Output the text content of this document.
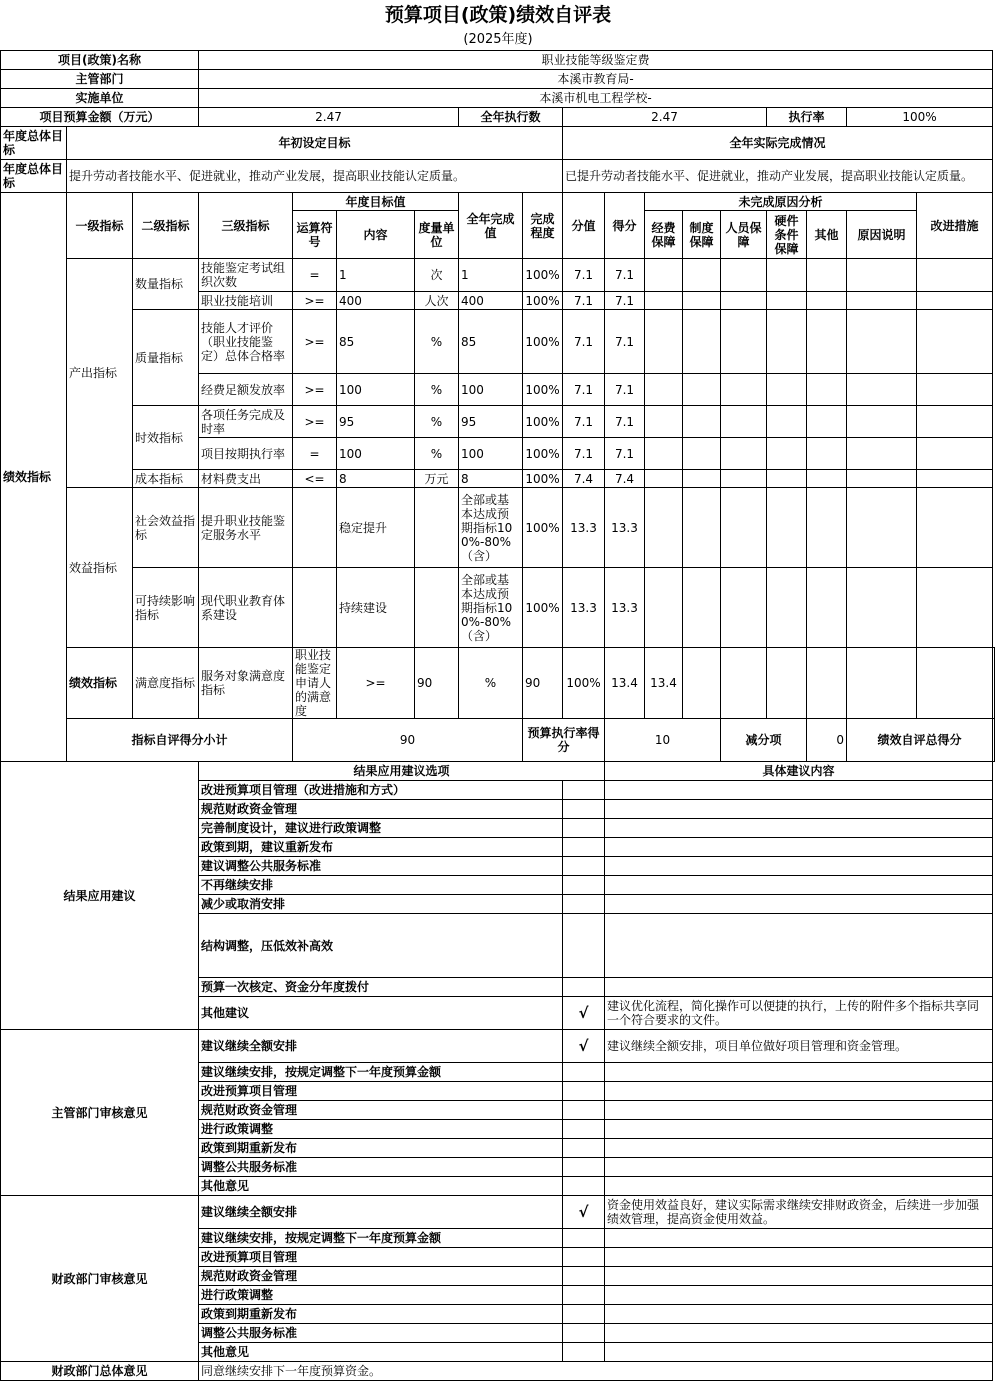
预算项目(政策)绩效自评表
(2025年度)
项目(政策)名称			职业技能等级鉴定费															
主管部门			本溪市教育局-															
实施单位			本溪市机电工程学校-															
项目预算金额（万元）			2.47				全年执行数		2.47					执行率		100%		
年度总体目标	年初设定目标								全年实际完成情况									
年度总体目标	提升劳动者技能水平、促进就业，推动产业发展，提高职业技能认定质量。								已提升劳动者技能水平、促进就业，推动产业发展，提高职业技能认定质量。									
绩效指标	一级指标	二级指标	三级指标	年度目标值			全年完成值	完成程度	分值	得分	未完成原因分析						改进措施	
				运算符号	内容	度量单位					经费保障	制度保障	人员保障	硬件条件保障	其他	原因说明		

	产出指标	数量指标	技能鉴定考试组织次数	=	1	次	1	100%	7.1	7.1								
			职业技能培训	>=	400	人次	400	100%	7.1	7.1								
		质量指标	技能人才评价（职业技能鉴定）总体合格率	>=	85	%	85	100%	7.1	7.1								
			经费足额发放率	>=	100	%	100	100%	7.1	7.1								
		时效指标	各项任务完成及时率	>=	95	%	95	100%	7.1	7.1								
			项目按期执行率	=	100	%	100	100%	7.1	7.1								
		成本指标	材料费支出	<=	8	万元	8	100%	7.4	7.4								
	效益指标	社会效益指标	提升职业技能鉴定服务水平		稳定提升		全部或基本达成预期指标100%-80%（含）	100%	13.3	13.3								
		可持续影响指标	现代职业教育体系建设		持续建设		全部或基本达成预期指标100%-80%（含）	100%	13.3	13.3								
	绩效指标	满意度指标	服务对象满意度指标	职业技能鉴定申请人的满意度	>=	90	%	90	100%	13.4	13.4							
	指标自评得分小计			90				预算执行率得分		10			减分项		0	绩效自评总得分	
结果应用建议			结果应用建议选项							具体建议内容								
			改进预算项目管理（改进措施和方式）															
			规范财政资金管理															
			完善制度设计，建议进行政策调整															
			政策到期，建议重新发布															
			建议调整公共服务标准															
			不再继续安排															
			减少或取消安排															
			结构调整，压低效补高效															
			预算一次核定、资金分年度拨付															
			其他建议						√	建议优化流程，简化操作可以便捷的执行，上传的附件多个指标共享同一个符合要求的文件。								
主管部门审核意见			建议继续全额安排						√	建议继续全额安排，项目单位做好项目管理和资金管理。								
			建议继续安排，按规定调整下一年度预算金额															
			改进预算项目管理															
			规范财政资金管理															
			进行政策调整															
			政策到期重新发布															
			调整公共服务标准															
			其他意见															
财政部门审核意见			建议继续全额安排						√	资金使用效益良好，建议实际需求继续安排财政资金，后续进一步加强绩效管理，提高资金使用效益。								
			建议继续安排，按规定调整下一年度预算金额															
			改进预算项目管理															
			规范财政资金管理															
			进行政策调整															
			政策到期重新发布															
			调整公共服务标准															
			其他意见															
财政部门总体意见			同意继续安排下一年度预算资金。															
